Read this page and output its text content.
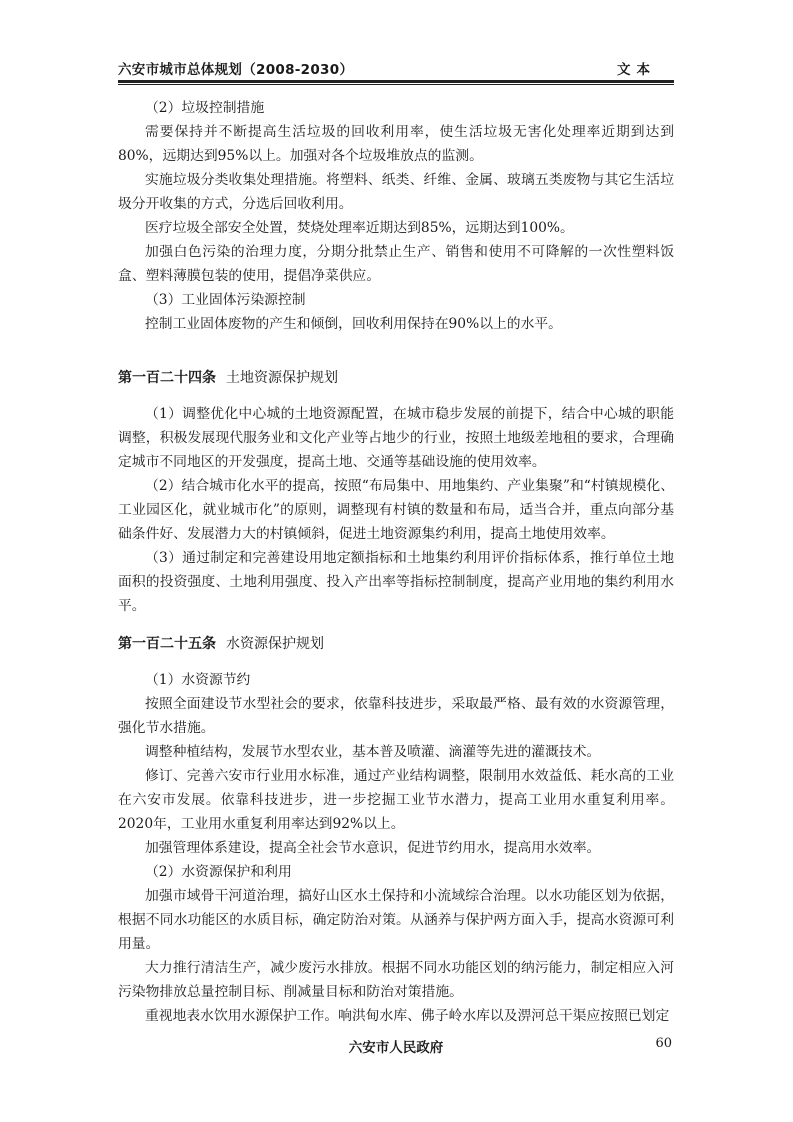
六安市城市总体规划（2008-2030）	文本

（2）垃圾控制措施

需要保持并不断提高生活垃圾的回收利用率，使生活垃圾无害化处理率近期到达到80%，远期达到95%以上。加强对各个垃圾堆放点的监测。

实施垃圾分类收集处理措施。将塑料、纸类、纤维、金属、玻璃五类废物与其它生活垃圾分开收集的方式，分选后回收利用。

医疗垃圾全部安全处置，焚烧处理率近期达到85%，远期达到100%。

加强白色污染的治理力度，分期分批禁止生产、销售和使用不可降解的一次性塑料饭盒、塑料薄膜包装的使用，提倡净菜供应。

（3）工业固体污染源控制

控制工业固体废物的产生和倾倒，回收利用保持在90%以上的水平。

第一百二十四条 土地资源保护规划

（1）调整优化中心城的土地资源配置，在城市稳步发展的前提下，结合中心城的职能调整，积极发展现代服务业和文化产业等占地少的行业，按照土地级差地租的要求，合理确定城市不同地区的开发强度，提高土地、交通等基础设施的使用效率。

（2）结合城市化水平的提高，按照“布局集中、用地集约、产业集聚”和“村镇规模化、工业园区化，就业城市化”的原则，调整现有村镇的数量和布局，适当合并，重点向部分基础条件好、发展潜力大的村镇倾斜，促进土地资源集约利用，提高土地使用效率。

（3）通过制定和完善建设用地定额指标和土地集约利用评价指标体系，推行单位土地面积的投资强度、土地利用强度、投入产出率等指标控制制度，提高产业用地的集约利用水平。

第一百二十五条 水资源保护规划

（1）水资源节约

按照全面建设节水型社会的要求，依靠科技进步，采取最严格、最有效的水资源管理，强化节水措施。

调整种植结构，发展节水型农业，基本普及喷灌、滴灌等先进的灌溉技术。

修订、完善六安市行业用水标准，通过产业结构调整，限制用水效益低、耗水高的工业在六安市发展。依靠科技进步，进一步挖掘工业节水潜力，提高工业用水重复利用率。2020年，工业用水重复利用率达到92%以上。

加强管理体系建设，提高全社会节水意识，促进节约用水，提高用水效率。

（2）水资源保护和利用

加强市域骨干河道治理，搞好山区水土保持和小流域综合治理。以水功能区划为依据，根据不同水功能区的水质目标，确定防治对策。从涵养与保护两方面入手，提高水资源可利用量。

大力推行清洁生产，减少废污水排放。根据不同水功能区划的纳污能力，制定相应入河污染物排放总量控制目标、削减量目标和防治对策措施。

重视地表水饮用水源保护工作。响洪甸水库、佛子岭水库以及淠河总干渠应按照已划定

六安市人民政府	60
